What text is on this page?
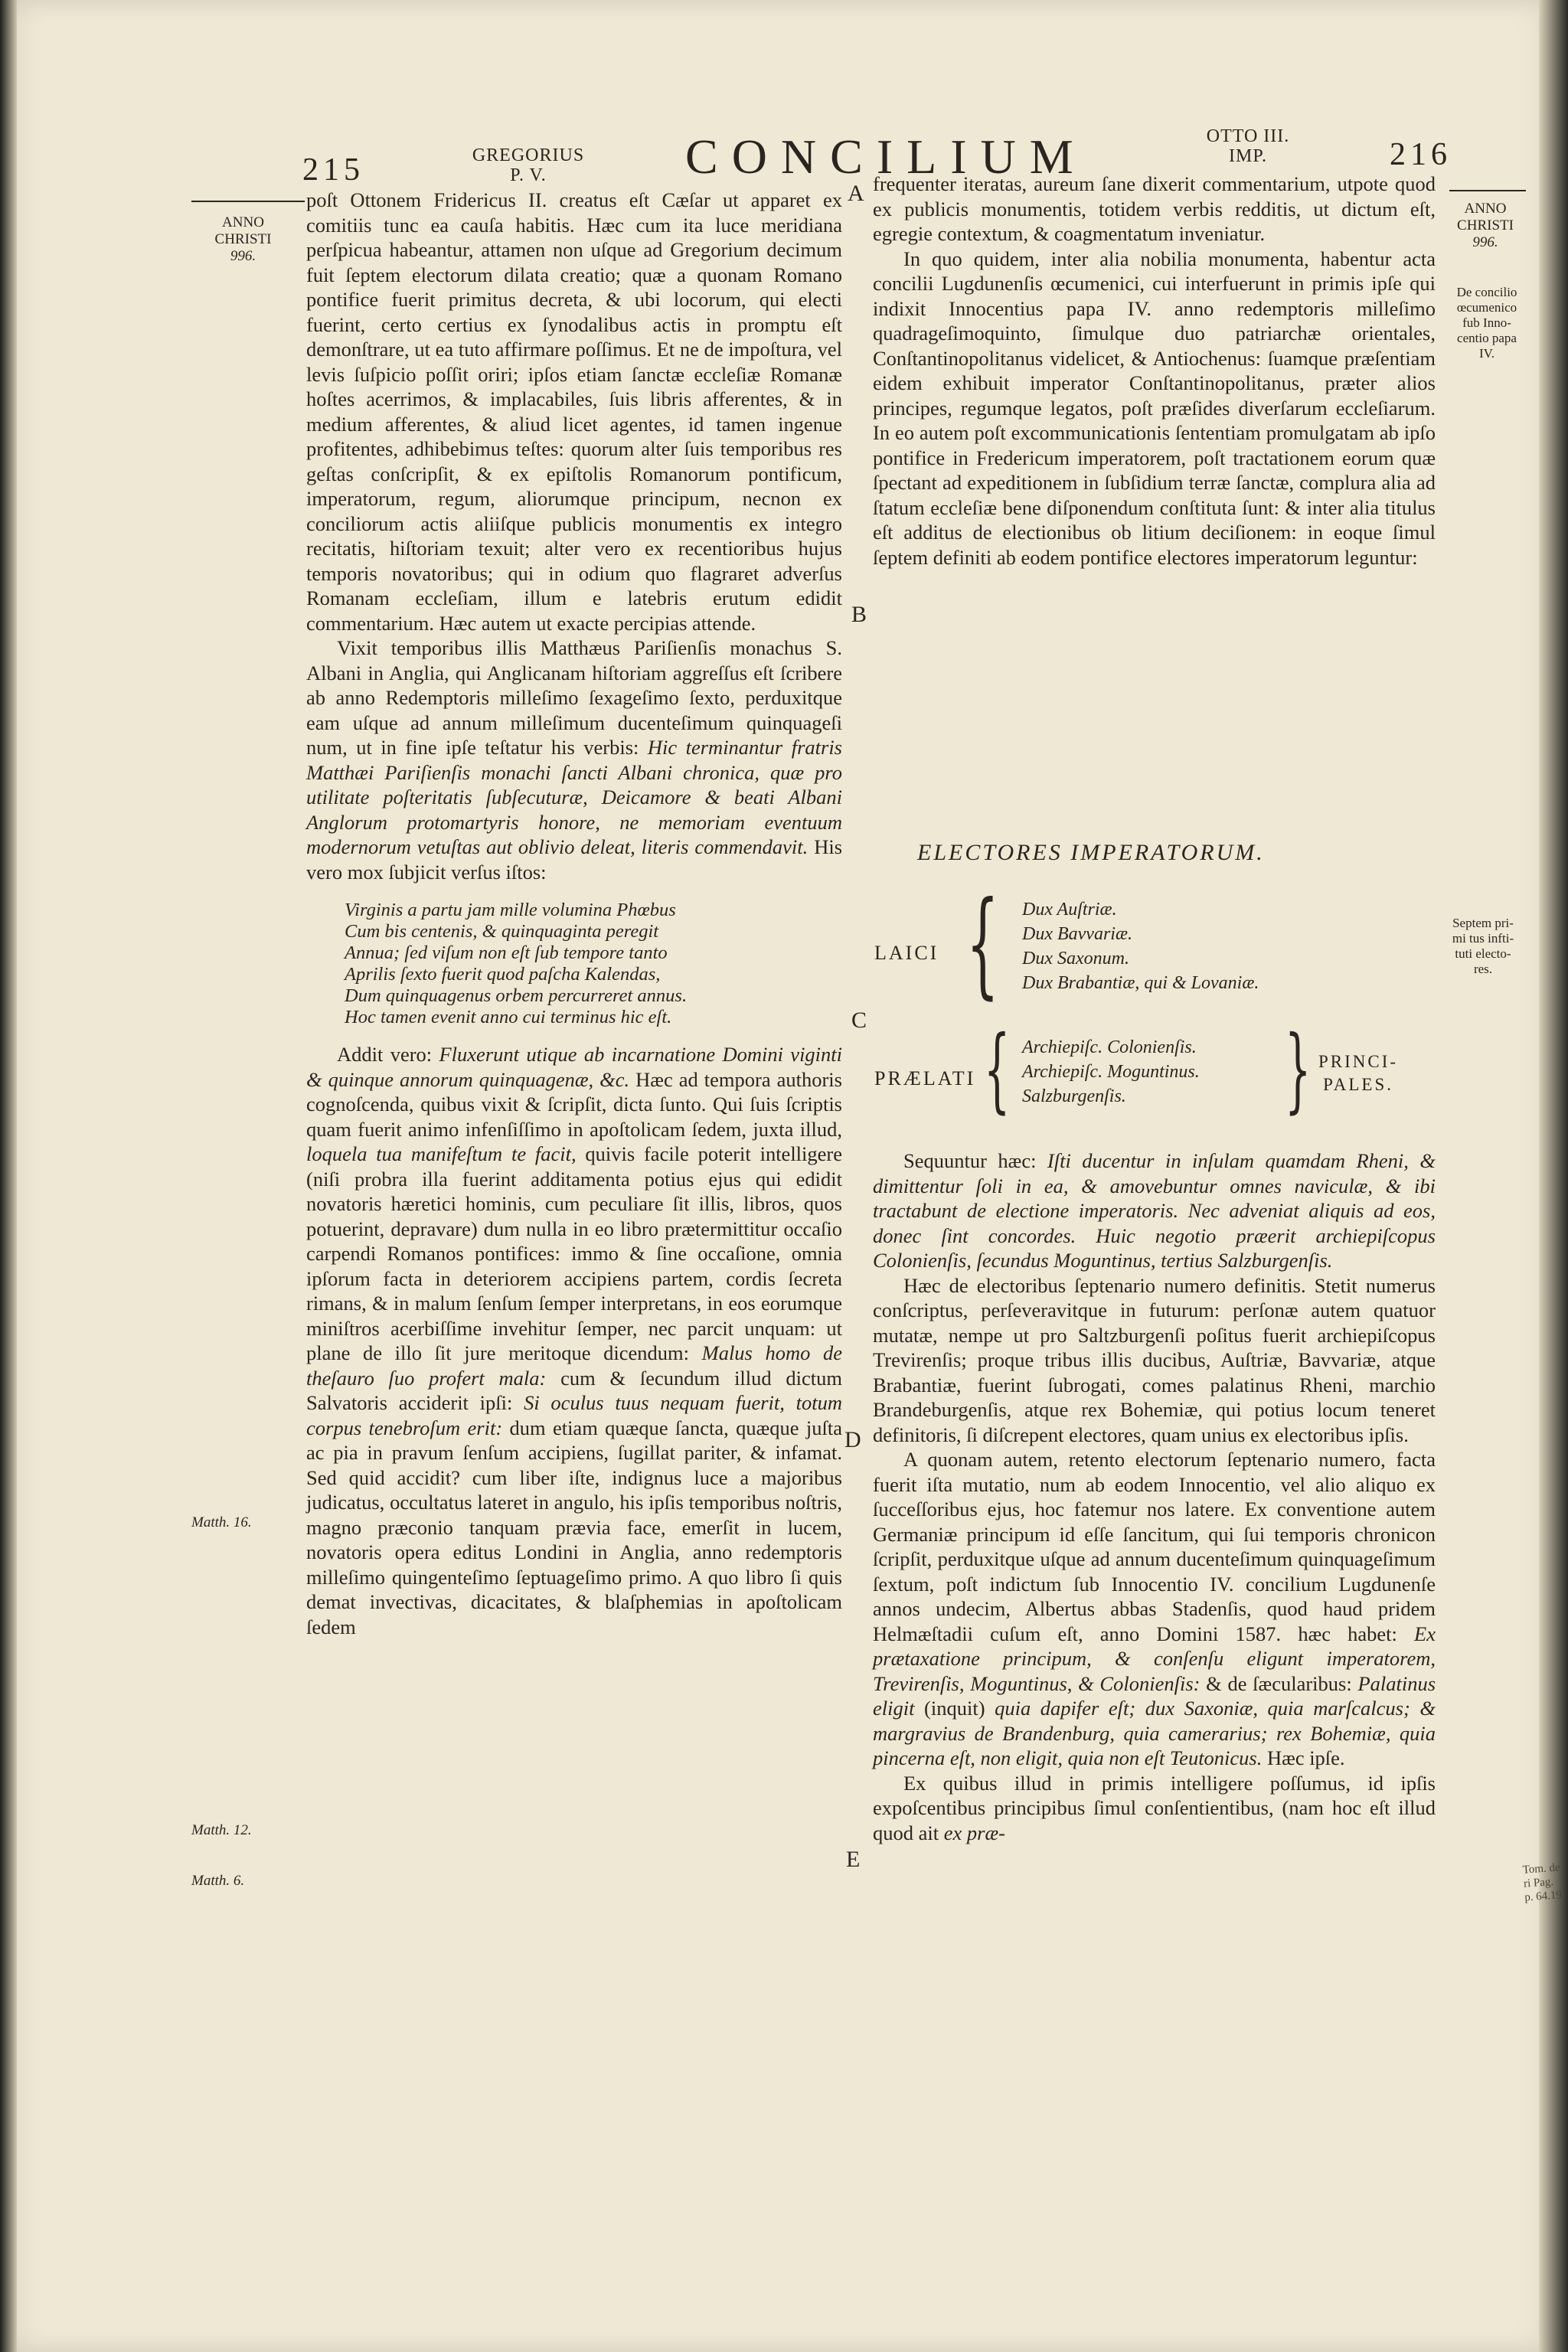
215	GREGORIUS
P. V.	CONCILIUM	OTTO III.
IMP.	216
ANNO
CHRISTI
996.
Matth. 16.
Matth. 12.
Matth. 6.
ANNO
CHRISTI
996.
De concilio
œcumenico
fub Inno-
centio papa
IV.
Septem pri-
mi tus infti-
tuti electo-
res.
Tom. de
ri Pag.
p. 64.19
A
B
C
D
E

poſt Ottonem Fridericus II. creatus eſt Cæſar ut apparet ex comitiis tunc ea cauſa habitis. Hæc cum ita luce meridiana perſpicua habeantur, attamen non uſque ad Gregorium decimum fuit ſeptem electorum dilata creatio; quæ a quonam Romano pontifice fuerit primitus decreta, & ubi locorum, qui electi fuerint, certo certius ex ſynodalibus actis in promptu eſt demonſtrare, ut ea tuto affirmare poſſimus. Et ne de impoſtura, vel levis ſuſpicio poſſit oriri; ipſos etiam ſanctæ eccleſiæ Romanæ hoſtes acerrimos, & implacabiles, ſuis libris afferentes, & in medium afferentes, & aliud licet agentes, id tamen ingenue profitentes, adhibebimus teſtes: quorum alter ſuis temporibus res geſtas conſcripſit, & ex epiſtolis Romanorum pontificum, imperatorum, regum, aliorumque principum, necnon ex conciliorum actis aliiſque publicis monumentis ex integro recitatis, hiſtoriam texuit; alter vero ex recentioribus hujus temporis novatoribus; qui in odium quo flagraret adverſus Romanam eccleſiam, illum e latebris erutum edidit commentarium. Hæc autem ut exacte percipias attende.

Vixit temporibus illis Matthæus Pariſienſis monachus S. Albani in Anglia, qui Anglicanam hiſtoriam aggreſſus eſt ſcribere ab anno Redemptoris milleſimo ſexageſimo ſexto, perduxitque eam uſque ad annum milleſimum ducenteſimum quinquageſi num, ut in fine ipſe teſtatur his verbis: Hic terminantur fratris Matthæi Pariſienſis monachi ſancti Albani chronica, quæ pro utilitate poſteritatis ſubſecuturæ, Deicamore & beati Albani Anglorum protomartyris honore, ne memoriam eventuum modernorum vetuſtas aut oblivio deleat, literis commendavit. His vero mox ſubjicit verſus iſtos:

Virginis a partu jam mille volumina Phœbus
Cum bis centenis, & quinquaginta peregit
Annua; ſed viſum non eſt ſub tempore tanto
Aprilis ſexto fuerit quod paſcha Kalendas,
Dum quinquagenus orbem percurreret annus.
Hoc tamen evenit anno cui terminus hic eſt.

Addit vero: Fluxerunt utique ab incarnatione Domini viginti & quinque annorum quinquagenæ, &c. Hæc ad tempora authoris cognoſcenda, quibus vixit & ſcripſit, dicta ſunto. Qui ſuis ſcriptis quam fuerit animo infenſiſſimo in apoſtolicam ſedem, juxta illud, loquela tua manifeſtum te facit, quivis facile poterit intelligere (niſi probra illa fuerint additamenta potius ejus qui edidit novatoris hæretici hominis, cum peculiare ſit illis, libros, quos potuerint, depravare) dum nulla in eo libro prætermittitur occaſio carpendi Romanos pontifices: immo & ſine occaſione, omnia ipſorum facta in deteriorem accipiens partem, cordis ſecreta rimans, & in malum ſenſum ſemper interpretans, in eos eorumque miniſtros acerbiſſime invehitur ſemper, nec parcit unquam: ut plane de illo ſit jure meritoque dicendum: Malus homo de theſauro ſuo profert mala: cum & ſecundum illud dictum Salvatoris acciderit ipſi: Si oculus tuus nequam fuerit, totum corpus tenebroſum erit: dum etiam quæque ſancta, quæque juſta ac pia in pravum ſenſum accipiens, ſugillat pariter, & infamat. Sed quid accidit? cum liber iſte, indignus luce a majoribus judicatus, occultatus lateret in angulo, his ipſis temporibus noſtris, magno præconio tanquam prævia face, emerſit in lucem, novatoris opera editus Londini in Anglia, anno redemptoris milleſimo quingenteſimo ſeptuageſimo primo. A quo libro ſi quis demat invectivas, dicacitates, & blaſphemias in apoſtolicam ſedem

frequenter iteratas, aureum ſane dixerit commentarium, utpote quod ex publicis monumentis, totidem verbis redditis, ut dictum eſt, egregie contextum, & coagmentatum inveniatur.

In quo quidem, inter alia nobilia monumenta, habentur acta concilii Lugdunenſis œcumenici, cui interfuerunt in primis ipſe qui indixit Innocentius papa IV. anno redemptoris milleſimo quadrageſimoquinto, ſimulque duo patriarchæ orientales, Conſtantinopolitanus videlicet, & Antiochenus: ſuamque præſentiam eidem exhibuit imperator Conſtantinopolitanus, præter alios principes, regumque legatos, poſt præſides diverſarum eccleſiarum. In eo autem poſt excommunicationis ſententiam promulgatam ab ipſo pontifice in Fredericum imperatorem, poſt tractationem eorum quæ ſpectant ad expeditionem in ſubſidium terræ ſanctæ, complura alia ad ſtatum eccleſiæ bene diſponendum conſtituta ſunt: & inter alia titulus eſt additus de electionibus ob litium deciſionem: in eoque ſimul ſeptem definiti ab eodem pontifice electores imperatorum leguntur:

ELECTORES IMPERATORUM.
LAICI { Dux Auſtriæ.
Dux Bavvariæ.
Dux Saxonum.
Dux Brabantiæ, qui & Lovaniæ.
PRÆLATI { Archiepiſc. Colonienſis.
Archiepiſc. Moguntinus.
Salzburgenſis.	} PRINCI-
PALES.

Sequuntur hæc: Iſti ducentur in inſulam quamdam Rheni, & dimittentur ſoli in ea, & amovebuntur omnes naviculæ, & ibi tractabunt de electione imperatoris. Nec adveniat aliquis ad eos, donec ſint concordes. Huic negotio præerit archiepiſcopus Colonienſis, ſecundus Moguntinus, tertius Salzburgenſis.

Hæc de electoribus ſeptenario numero definitis. Stetit numerus conſcriptus, perſeveravitque in futurum: perſonæ autem quatuor mutatæ, nempe ut pro Saltzburgenſi poſitus fuerit archiepiſcopus Trevirenſis; proque tribus illis ducibus, Auſtriæ, Bavvariæ, atque Brabantiæ, fuerint ſubrogati, comes palatinus Rheni, marchio Brandeburgenſis, atque rex Bohemiæ, qui potius locum teneret definitoris, ſi diſcrepent electores, quam unius ex electoribus ipſis.

A quonam autem, retento electorum ſeptenario numero, facta fuerit iſta mutatio, num ab eodem Innocentio, vel alio aliquo ex ſucceſſoribus ejus, hoc fatemur nos latere. Ex conventione autem Germaniæ principum id eſſe ſancitum, qui ſui temporis chronicon ſcripſit, perduxitque uſque ad annum ducenteſimum quinquageſimum ſextum, poſt indictum ſub Innocentio IV. concilium Lugdunenſe annos undecim, Albertus abbas Stadenſis, quod haud pridem Helmæſtadii cuſum eſt, anno Domini 1587. hæc habet: Ex prætaxatione principum, & conſenſu eligunt imperatorem, Trevirenſis, Moguntinus, & Colonienſis: & de ſæcularibus: Palatinus eligit (inquit) quia dapifer eſt; dux Saxoniæ, quia marſcalcus; & margravius de Brandenburg, quia camerarius; rex Bohemiæ, quia pincerna eſt, non eligit, quia non eſt Teutonicus. Hæc ipſe.

Ex quibus illud in primis intelligere poſſumus, id ipſis expoſcentibus principibus ſimul conſentientibus, (nam hoc eſt illud quod ait ex præ-
